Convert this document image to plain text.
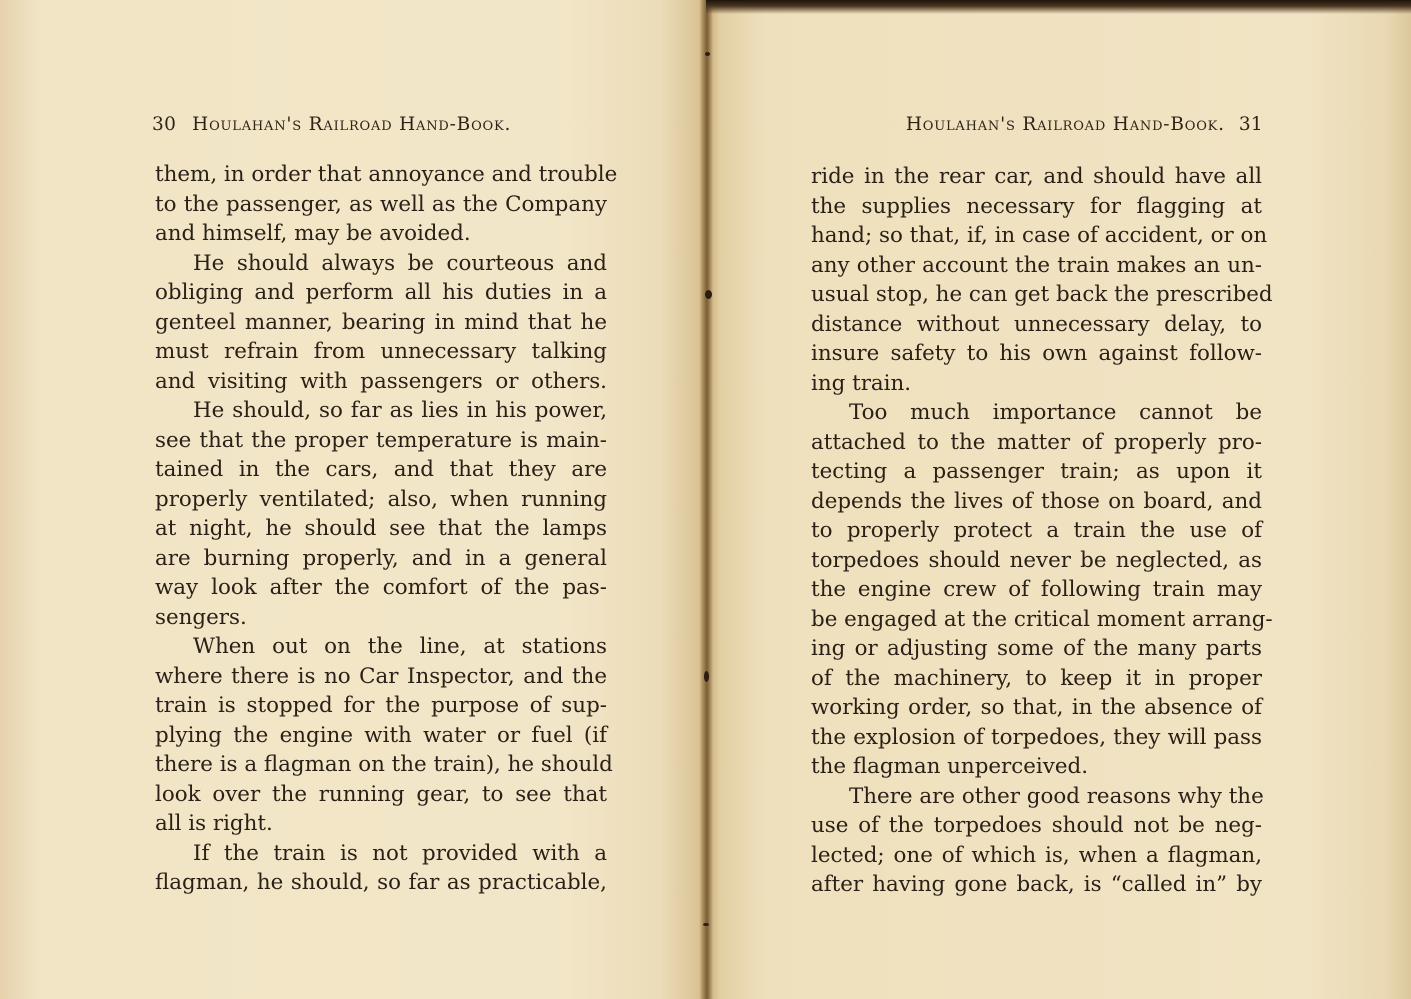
30 Houlahan's Railroad Hand-Book.	Houlahan's Railroad Hand-Book. 31
them, in order that annoyance and trouble
to the passenger, as well as the Company
and himself, may be avoided.
He should always be courteous and
obliging and perform all his duties in a
genteel manner, bearing in mind that he
must refrain from unnecessary talking
and visiting with passengers or others.
He should, so far as lies in his power,
see that the proper temperature is main-
tained in the cars, and that they are
properly ventilated; also, when running
at night, he should see that the lamps
are burning properly, and in a general
way look after the comfort of the pas-
sengers.
When out on the line, at stations
where there is no Car Inspector, and the
train is stopped for the purpose of sup-
plying the engine with water or fuel (if
there is a flagman on the train), he should
look over the running gear, to see that
all is right.
If the train is not provided with a
flagman, he should, so far as practicable,
ride in the rear car, and should have all
the supplies necessary for flagging at
hand; so that, if, in case of accident, or on
any other account the train makes an un-
usual stop, he can get back the prescribed
distance without unnecessary delay, to
insure safety to his own against follow-
ing train.
Too much importance cannot be
attached to the matter of properly pro-
tecting a passenger train; as upon it
depends the lives of those on board, and
to properly protect a train the use of
torpedoes should never be neglected, as
the engine crew of following train may
be engaged at the critical moment arrang-
ing or adjusting some of the many parts
of the machinery, to keep it in proper
working order, so that, in the absence of
the explosion of torpedoes, they will pass
the flagman unperceived.
There are other good reasons why the
use of the torpedoes should not be neg-
lected; one of which is, when a flagman,
after having gone back, is “called in” by
